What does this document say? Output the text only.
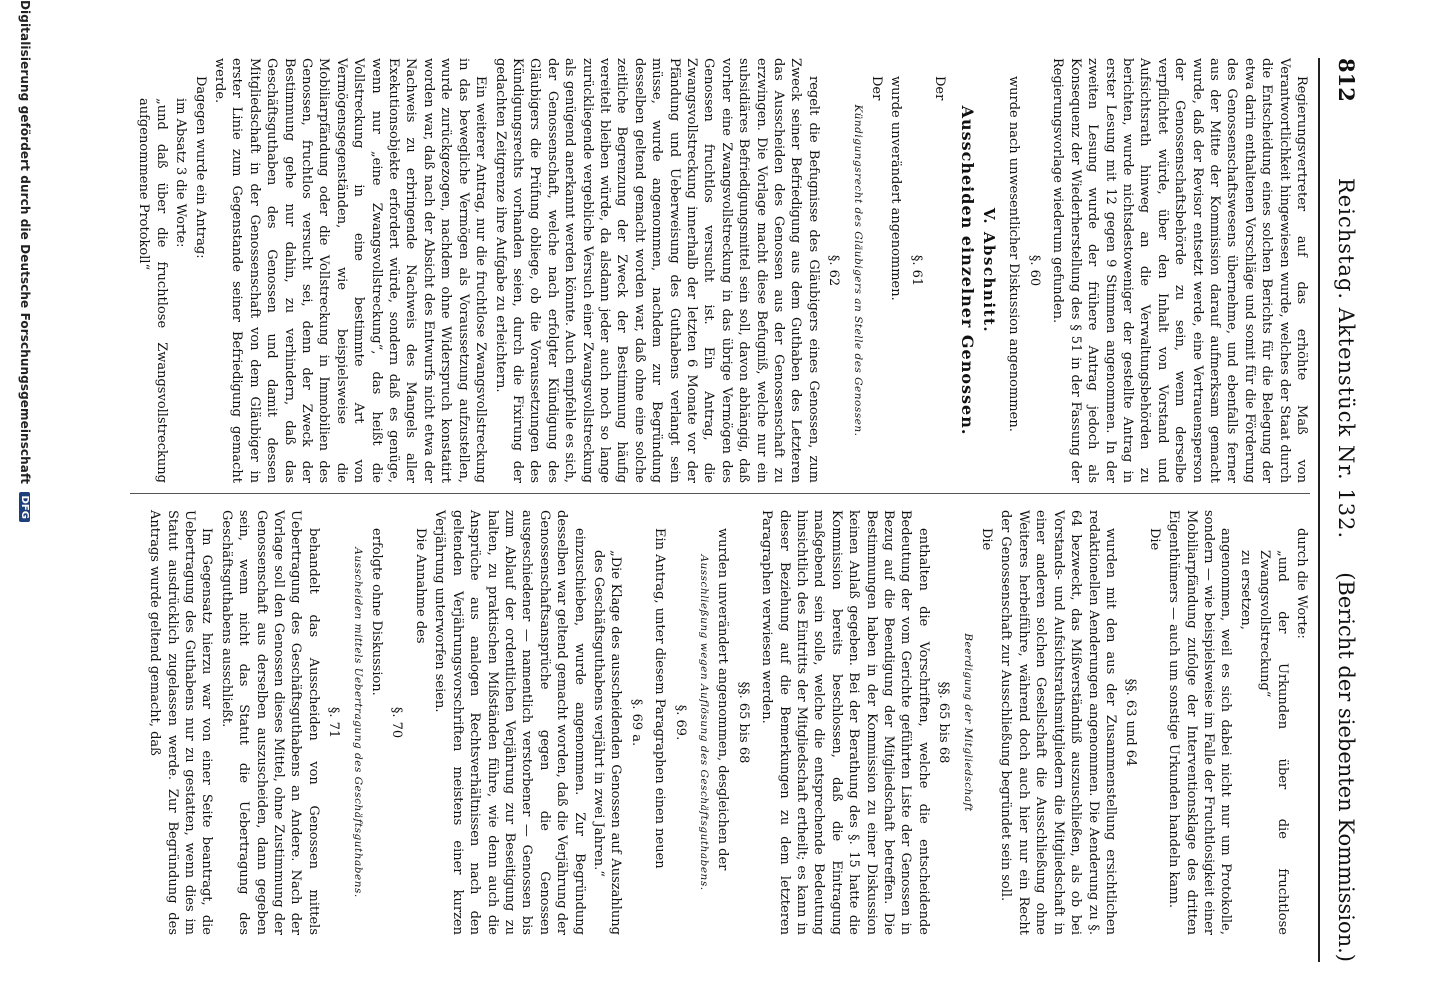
812
Reichstag. Aktenstück Nr. 132.
(Bericht der siebenten Kommission.)

Regierungsvertreter auf das erhöhte Maß von Verantwortlichkeit hingewiesen wurde, welches der Staat durch die Entscheidung eines solchen Berichts für die Belegung der etwa darin enthaltenen Vorschläge und somit für die Förderung des Genossenschaftswesens übernehme, und ebenfalls ferner aus der Mitte der Kommission darauf aufmerksam gemacht wurde, daß der Revisor entsetzt werde, eine Vertrauensperson der Genossenschaftsbehörde zu sein, wenn derselbe verpflichtet würde, über den Inhalt von Vorstand und Aufsichtsrath hinweg an die Verwaltungsbehörden zu berichten, wurde nichtsdestoweniger der gestellte Antrag in erster Lesung mit 12 gegen 9 Stimmen angenommen. In der zweiten Lesung wurde der frühere Antrag jedoch als Konsequenz der Wiederherstellung des § 51 in der Fassung der Regierungsvorlage wiederum gefunden.

§. 60

wurde nach unwesentlicher Diskussion angenommen.

V. Abschnitt.

Ausscheiden einzelner Genossen.

Der

§. 61

wurde unverändert angenommen.

Der

Kündigungsrecht des Gläubigers an Stelle des Genossen.

§. 62

regelt die Befugnisse des Gläubigers eines Genossen, zum Zweck seiner Befriedigung aus dem Guthaben des Letzteren das Ausscheiden des Genossen aus der Genossenschaft zu erzwingen. Die Vorlage macht diese Befugniß, welche nur ein subsidiäres Befriedigungsmittel sein soll, davon abhängig, daß vorher eine Zwangsvollstreckung in das übrige Vermögen des Genossen fruchtlos versucht ist. Ein Antrag, die Zwangsvollstreckung innerhalb der letzten 6 Monate vor der Pfändung und Ueberweisung des Guthabens verlangt sein müsse, wurde angenommen, nachdem zur Begründung desselben geltend gemacht worden war, daß ohne eine solche zeitliche Begrenzung der Zweck der Bestimmung häufig vereitelt bleiben würde, da alsdann jeder auch noch so lange zurückliegende vergebliche Versuch einer Zwangsvollstreckung als genügend anerkannt werden könnte. Auch empfehle es sich, der Genossenschaft, welche nach erfolgter Kündigung des Gläubigers die Prüfung obliege, ob die Voraussetzungen des Kündigungsrechts vorhanden seien, durch die Fixirung der gedachten Zeitgrenze ihre Aufgabe zu erleichtern.

Ein weiterer Antrag, nur die fruchtlose Zwangsvollstreckung in das bewegliche Vermögen als Voraussetzung aufzustellen, wurde zurückgezogen, nachdem ohne Widerspruch konstatirt worden war, daß nach der Absicht des Entwurfs nicht etwa der Nachweis zu erbringende Nachweis des Mangels aller Exekutionsobjekte erfordert würde, sondern daß es genüge, wenn nur „eine Zwangsvollstreckung“, das heißt die Vollstreckung in eine bestimmte Art von Vermögensgegenständen, wie beispielsweise die Mobiliarpfändung oder die Vollstreckung in Immobilien des Genossen, fruchtlos versucht sei, denn der Zweck der Bestimmung gehe nur dahin, zu verhindern, daß das Geschäftsguthaben des Genossen und damit dessen Mitgliedschaft in der Genossenschaft von dem Gläubiger in erster Linie zum Gegenstande seiner Befriedigung gemacht werde.

Dagegen wurde ein Antrag:

im Absatz 3 die Worte:

„und daß über die fruchtlose Zwangsvollstreckung aufgenommene Protokoll“

durch die Worte:

„und der Urkunden über die fruchtlose Zwangsvollstreckung“

zu ersetzen,

angenommen, weil es sich dabei nicht nur um Protokolle, sondern — wie beispielsweise im Falle der Fruchtlosigkeit einer Mobiliarpfändung zufolge der Interventionsklage des dritten Eigenthümers — auch um sonstige Urkunden handeln kann.

Die

§§. 63 und 64

wurden mit den aus der Zusammenstellung ersichtlichen redaktionellen Aenderungen angenommen. Die Aenderung zu §. 64 bezweckt, das Mißverständniß auszuschließen, als ob bei Vorstands- und Aufsichtsrathsmitgliedern die Mitgliedschaft in einer anderen solchen Gesellschaft die Ausschließung ohne Weiteres herbeiführe, während doch auch hier nur ein Recht der Genossenschaft zur Ausschließung begründet sein soll.

Die

Beerdigung der Mitgliedschaft

§§. 65 bis 68

enthalten die Vorschriften, welche die entscheidende Bedeutung der vom Gerichte geführten Liste der Genossen in Bezug auf die Beendigung der Mitgliedschaft betreffen. Die Bestimmungen haben in der Kommission zu einer Diskussion keinen Anlaß gegeben. Bei der Berathung des §. 15 hatte die Kommission bereits beschlossen, daß die Eintragung maßgebend sein solle, welche die entsprechende Bedeutung hinsichtlich des Eintritts der Mitgliedschaft ertheilt; es kann in dieser Beziehung auf die Bemerkungen zu dem letzteren Paragraphen verwiesen werden.

§§. 65 bis 68

wurden unverändert angenommen, desgleichen der

Ausschließung wegen Auflösung des Geschäftsguthabens.

§. 69.

Ein Antrag, unter diesem Paragraphen einen neuen

§. 69 a.

„Die Klage des ausscheidenden Genossen auf Auszahlung des Geschäftsguthabens verjährt in zwei Jahren.“

einzuschieben, wurde angenommen. Zur Begründung desselben war geltend gemacht worden, daß die Verjährung der Genossenschaftsansprüche gegen die Genossen ausgeschiedener — namentlich verstorbener — Genossen bis zum Ablauf der ordentlichen Verjährung zur Beseitigung zu halten, zu praktischen Mißständen führe, wie denn auch die Ansprüche aus analogen Rechtsverhältnissen nach den geltenden Verjährungsvorschriften meistens einer kurzen Verjährung unterworfen seien.

Die Annahme des

§. 70

erfolgte ohne Diskussion.

Ausscheiden mittels Uebertragung des Geschäftsguthabens.

§. 71

behandelt das Ausscheiden von Genossen mittels Uebertragung des Geschäftsguthabens an Andere. Nach der Vorlage soll den Genossen dieses Mittel, ohne Zustimmung der Genossenschaft aus derselben auszuscheiden, dann gegeben sein, wenn nicht das Statut die Uebertragung des Geschäftsguthabens ausschließt.

Im Gegensatz hierzu war von einer Seite beantragt, die Uebertragung des Guthabens nur zu gestatten, wenn dies im Statut ausdrücklich zugelassen werde. Zur Begründung des Antrags wurde geltend gemacht, daß

Digitalisierung gefördert durch die Deutsche Forschungsgemeinschaft DFG
